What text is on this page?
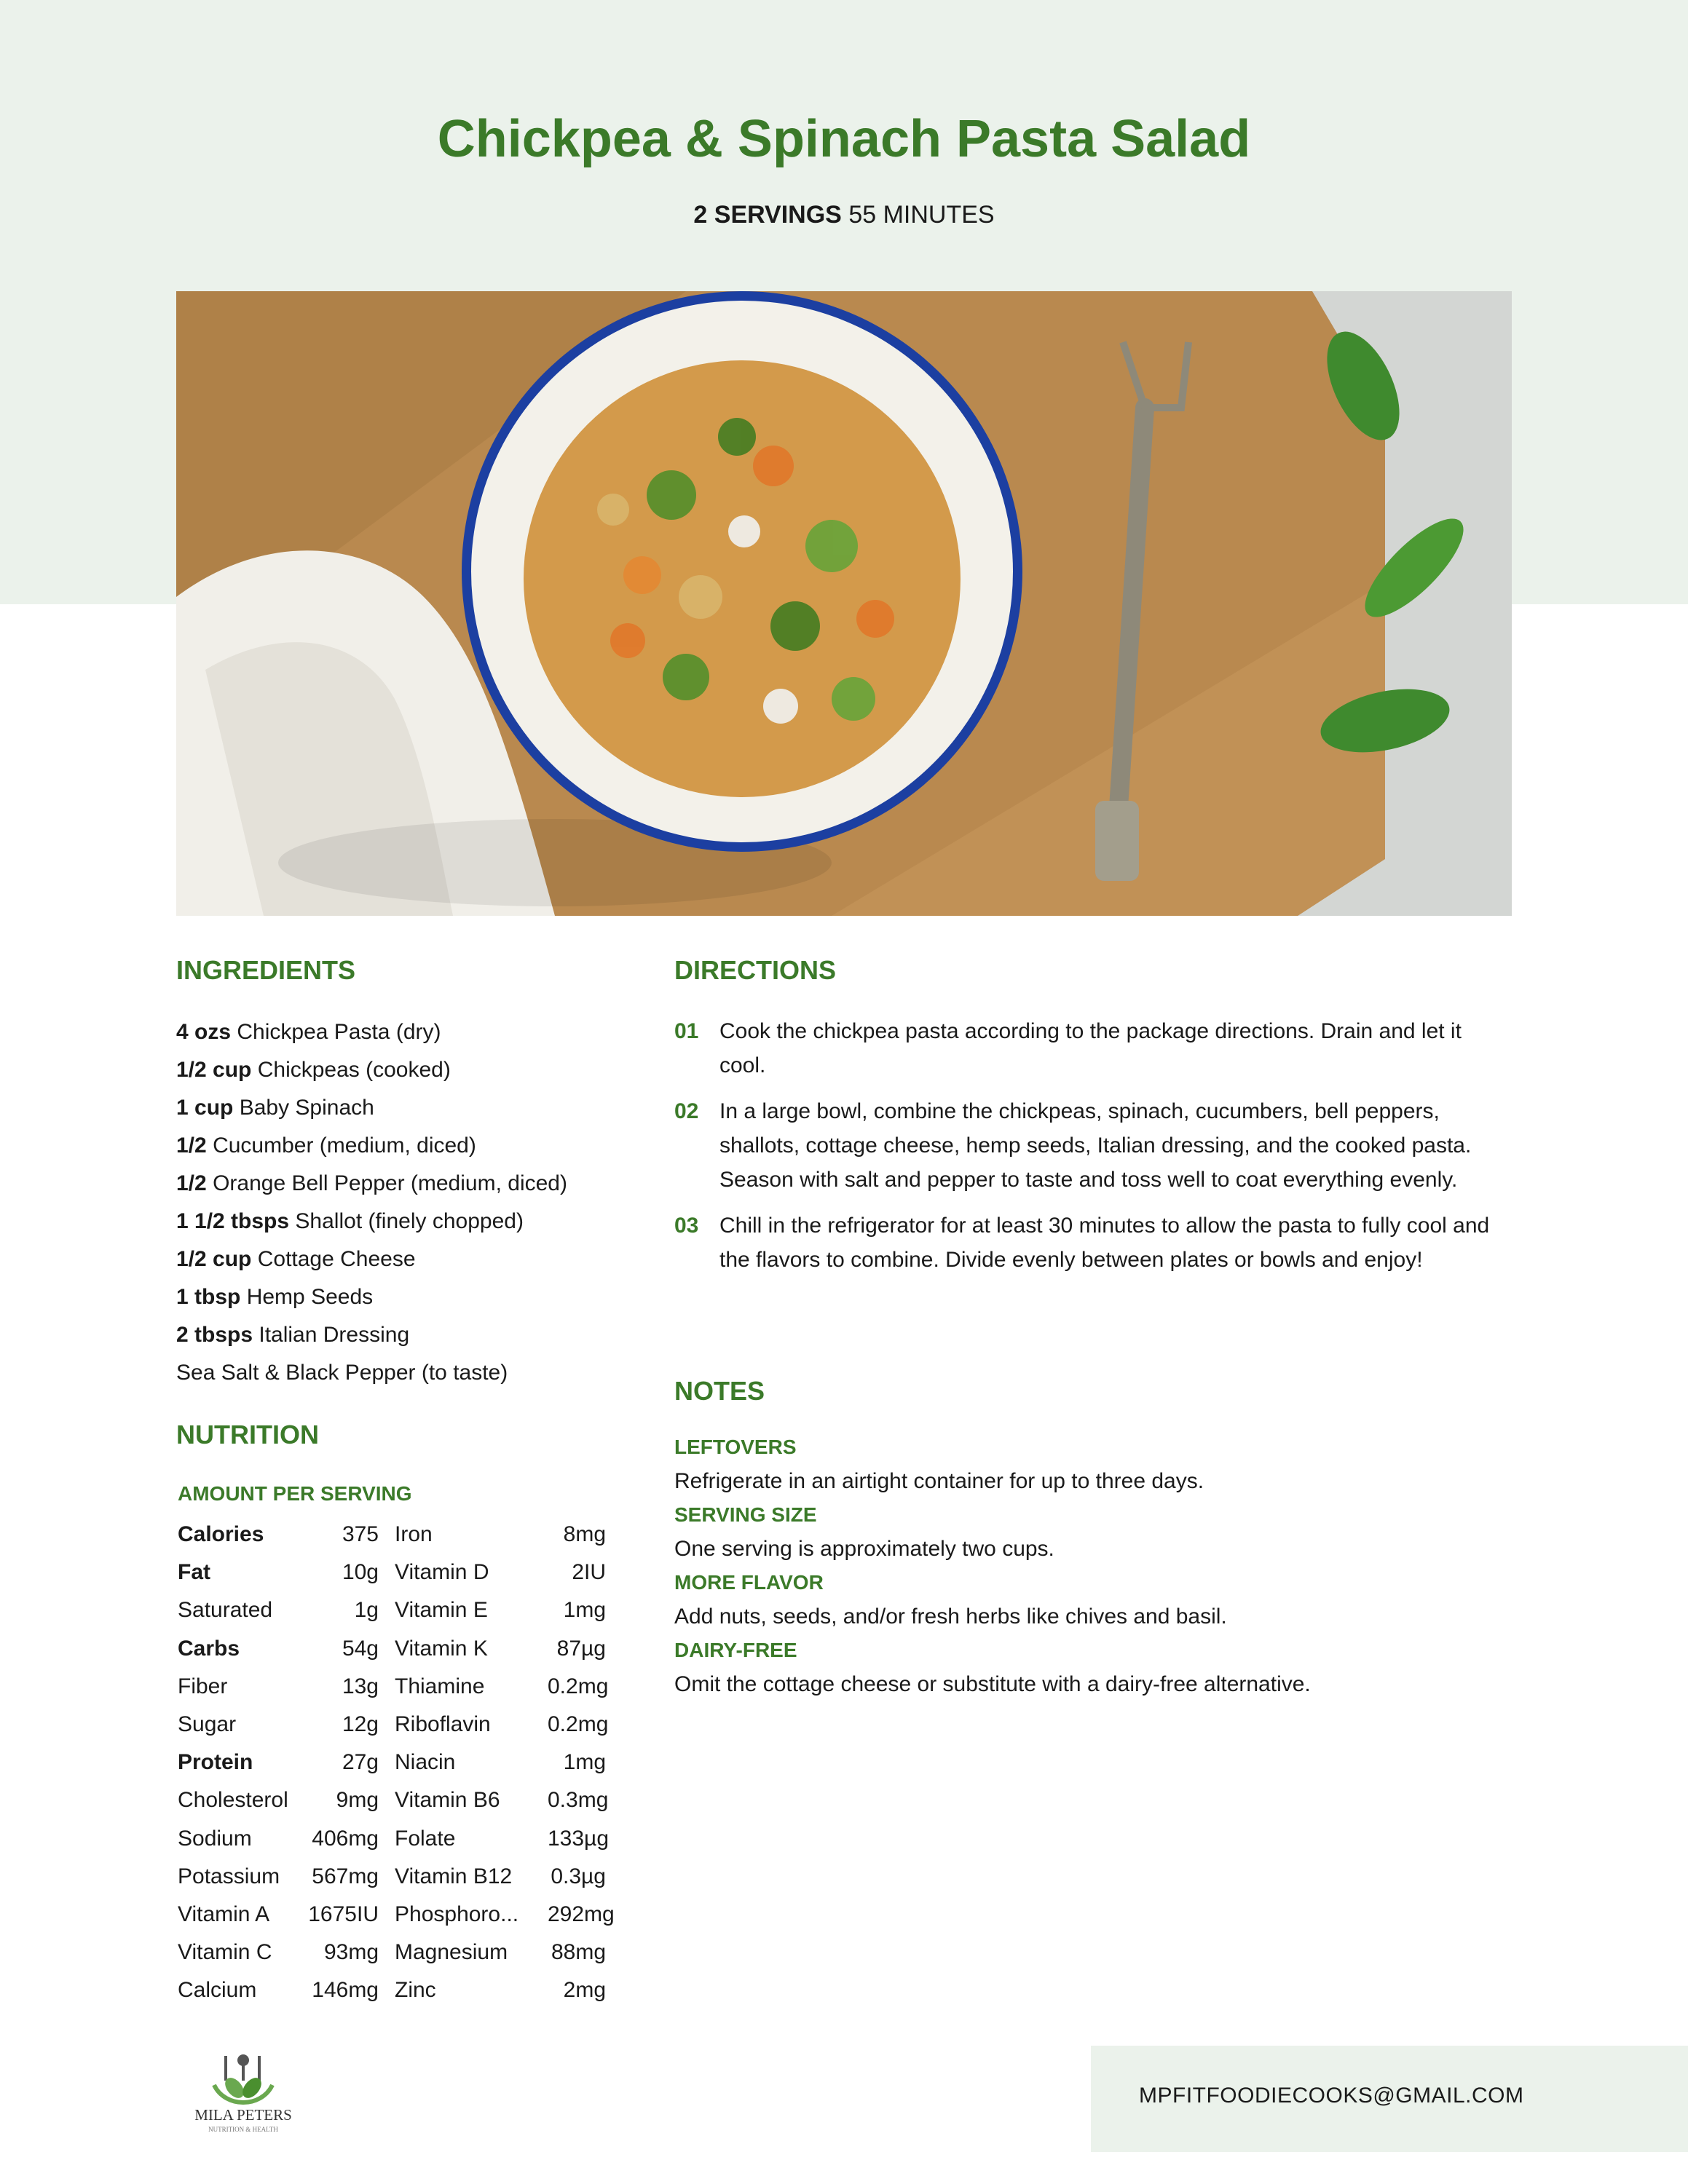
Chickpea & Spinach Pasta Salad
2 SERVINGS 55 MINUTES
INGREDIENTS
4 ozs Chickpea Pasta (dry)
1/2 cup Chickpeas (cooked)
1 cup Baby Spinach
1/2 Cucumber (medium, diced)
1/2 Orange Bell Pepper (medium, diced)
1 1/2 tbsps Shallot (finely chopped)
1/2 cup Cottage Cheese
1 tbsp Hemp Seeds
2 tbsps Italian Dressing
Sea Salt & Black Pepper (to taste)
NUTRITION
AMOUNT PER SERVING
Calories	375 Iron	8mg
Fat	10g Vitamin D	2IU
Saturated	1g Vitamin E	1mg
Carbs	54g Vitamin K	87µg
Fiber	13g Thiamine	0.2mg
Sugar	12g Riboflavin	0.2mg
Protein	27g Niacin	1mg
Cholesterol	9mg Vitamin B6	0.3mg
Sodium	406mg Folate	133µg
Potassium	567mg Vitamin B12	0.3µg
Vitamin A	1675IU Phosphoro...	292mg
Vitamin C	93mg Magnesium	88mg
Calcium	146mg Zinc	2mg
DIRECTIONS
01 Cook the chickpea pasta according to the package directions. Drain and let it cool.
02 In a large bowl, combine the chickpeas, spinach, cucumbers, bell peppers, shallots, cottage cheese, hemp seeds, Italian dressing, and the cooked pasta. Season with salt and pepper to taste and toss well to coat everything evenly.
03 Chill in the refrigerator for at least 30 minutes to allow the pasta to fully cool and the flavors to combine. Divide evenly between plates or bowls and enjoy!
NOTES
LEFTOVERS
Refrigerate in an airtight container for up to three days.
SERVING SIZE
One serving is approximately two cups.
MORE FLAVOR
Add nuts, seeds, and/or fresh herbs like chives and basil.
DAIRY-FREE
Omit the cottage cheese or substitute with a dairy-free alternative.
MILA PETERS
NUTRITION & HEALTH
MPFITFOODIECOOKS@GMAIL.COM
